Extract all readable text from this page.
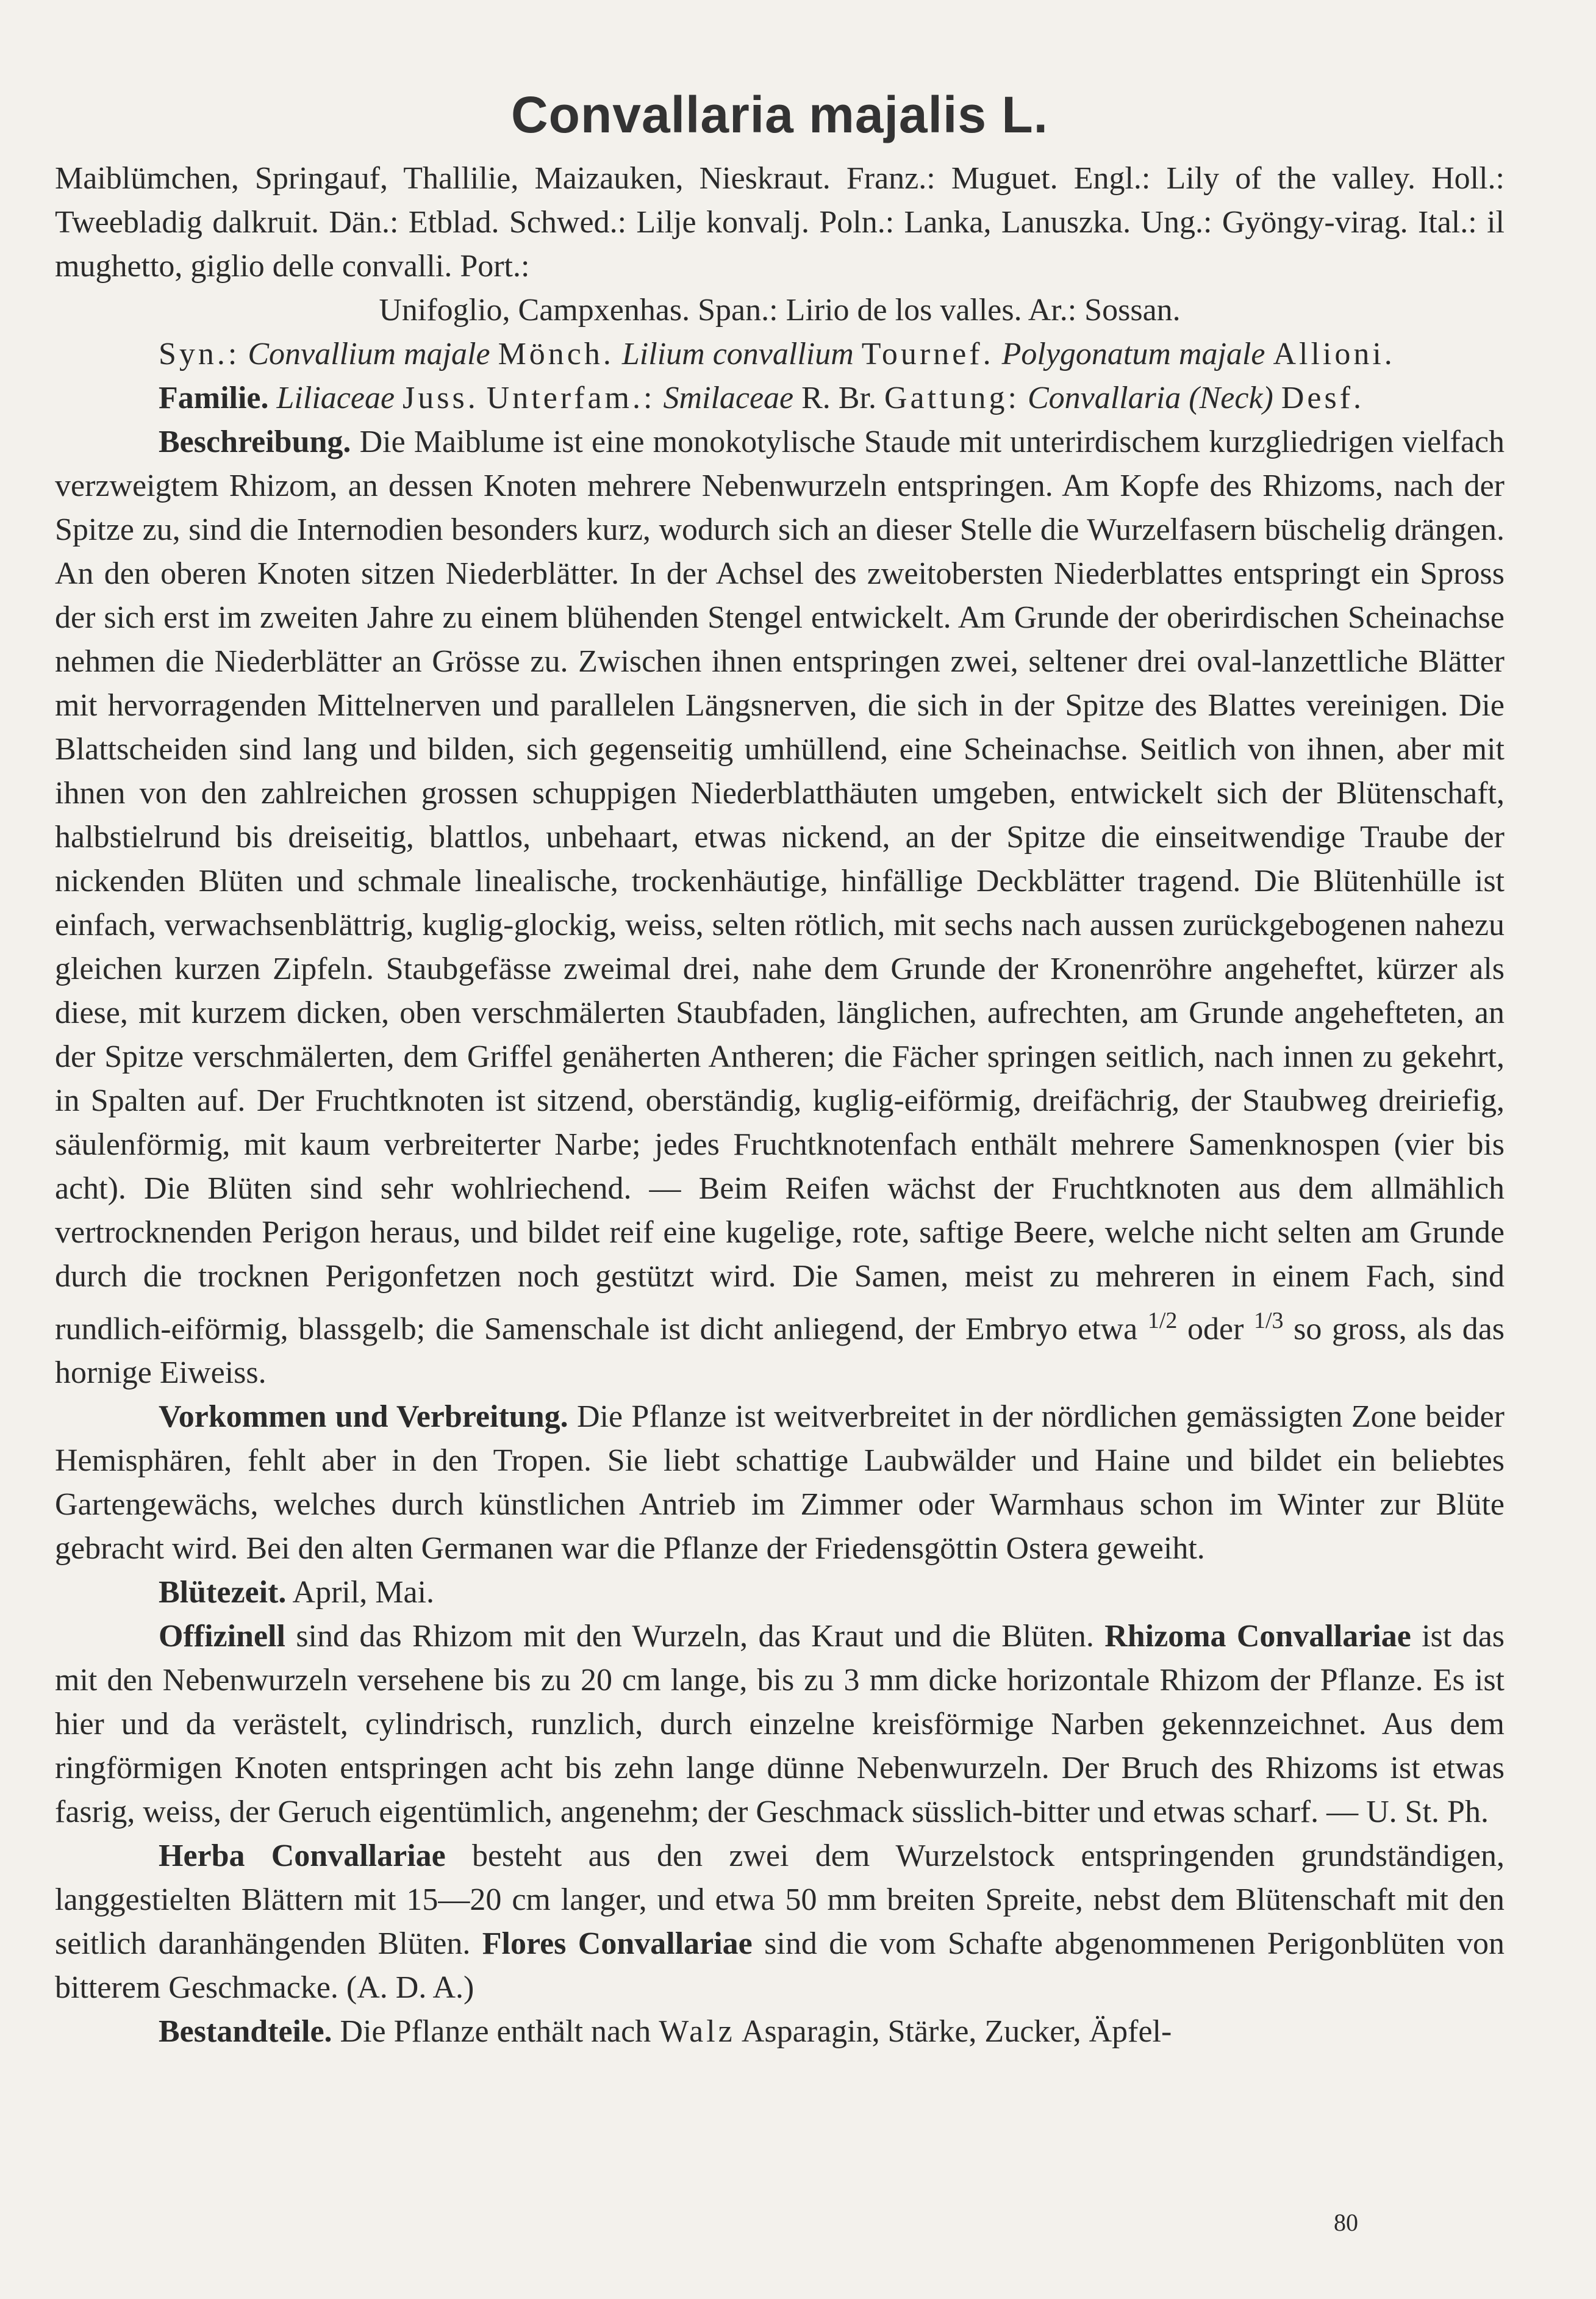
Convallaria majalis L.

Maiblümchen, Springauf, Thallilie, Maizauken, Nieskraut. Franz.: Muguet. Engl.: Lily of the valley. Holl.: Tweebladig dalkruit. Dän.: Etblad. Schwed.: Lilje konvalj. Poln.: Lanka, Lanuszka. Ung.: Gyöngy-virag. Ital.: il mughetto, giglio delle convalli. Port.:

Unifoglio, Campxenhas. Span.: Lirio de los valles. Ar.: Sossan.

Syn.: Convallium majale Mönch. Lilium convallium Tournef. Polygonatum majale Allioni.

Familie. Liliaceae Juss. Unterfam.: Smilaceae R. Br. Gattung: Convallaria (Neck) Desf.

Beschreibung. Die Maiblume ist eine monokotylische Staude mit unterirdischem kurzgliedrigen vielfach verzweigtem Rhizom, an dessen Knoten mehrere Nebenwurzeln entspringen. Am Kopfe des Rhizoms, nach der Spitze zu, sind die Internodien besonders kurz, wodurch sich an dieser Stelle die Wurzelfasern büschelig drängen. An den oberen Knoten sitzen Niederblätter. In der Achsel des zweitobersten Niederblattes entspringt ein Spross der sich erst im zweiten Jahre zu einem blühenden Stengel entwickelt. Am Grunde der oberirdischen Scheinachse nehmen die Niederblätter an Grösse zu. Zwischen ihnen entspringen zwei, seltener drei oval-lanzettliche Blätter mit hervorragenden Mittelnerven und parallelen Längsnerven, die sich in der Spitze des Blattes vereinigen. Die Blattscheiden sind lang und bilden, sich gegenseitig umhüllend, eine Scheinachse. Seitlich von ihnen, aber mit ihnen von den zahlreichen grossen schuppigen Niederblatthäuten umgeben, entwickelt sich der Blütenschaft, halbstielrund bis dreiseitig, blattlos, unbehaart, etwas nickend, an der Spitze die einseitwendige Traube der nickenden Blüten und schmale linealische, trockenhäutige, hinfällige Deckblätter tragend. Die Blütenhülle ist einfach, verwachsenblättrig, kuglig-glockig, weiss, selten rötlich, mit sechs nach aussen zurückgebogenen nahezu gleichen kurzen Zipfeln. Staubgefässe zweimal drei, nahe dem Grunde der Kronenröhre angeheftet, kürzer als diese, mit kurzem dicken, oben verschmälerten Staubfaden, länglichen, aufrechten, am Grunde angehefteten, an der Spitze verschmälerten, dem Griffel genäherten Antheren; die Fächer springen seitlich, nach innen zu gekehrt, in Spalten auf. Der Fruchtknoten ist sitzend, oberständig, kuglig-eiförmig, dreifächrig, der Staubweg dreiriefig, säulenförmig, mit kaum verbreiterter Narbe; jedes Fruchtknotenfach enthält mehrere Samenknospen (vier bis acht). Die Blüten sind sehr wohlriechend. — Beim Reifen wächst der Fruchtknoten aus dem allmählich vertrocknenden Perigon heraus, und bildet reif eine kugelige, rote, saftige Beere, welche nicht selten am Grunde durch die trocknen Perigonfetzen noch gestützt wird. Die Samen, meist zu mehreren in einem Fach, sind rundlich-eiförmig, blassgelb; die Samenschale ist dicht anliegend, der Embryo etwa $^{1/2}$ oder $^{1/3}$ so gross, als das hornige Eiweiss.

Vorkommen und Verbreitung. Die Pflanze ist weitverbreitet in der nördlichen gemässigten Zone beider Hemisphären, fehlt aber in den Tropen. Sie liebt schattige Laubwälder und Haine und bildet ein beliebtes Gartengewächs, welches durch künstlichen Antrieb im Zimmer oder Warmhaus schon im Winter zur Blüte gebracht wird. Bei den alten Germanen war die Pflanze der Friedensgöttin Ostera geweiht.

Blütezeit. April, Mai.

Offizinell sind das Rhizom mit den Wurzeln, das Kraut und die Blüten. Rhizoma Convallariae ist das mit den Nebenwurzeln versehene bis zu 20 cm lange, bis zu 3 mm dicke horizontale Rhizom der Pflanze. Es ist hier und da verästelt, cylindrisch, runzlich, durch einzelne kreisförmige Narben gekennzeichnet. Aus dem ringförmigen Knoten entspringen acht bis zehn lange dünne Nebenwurzeln. Der Bruch des Rhizoms ist etwas fasrig, weiss, der Geruch eigentümlich, angenehm; der Geschmack süsslich-bitter und etwas scharf. — U. St. Ph.

Herba Convallariae besteht aus den zwei dem Wurzelstock entspringenden grundständigen, langgestielten Blättern mit 15—20 cm langer, und etwa 50 mm breiten Spreite, nebst dem Blütenschaft mit den seitlich daranhängenden Blüten. Flores Convallariae sind die vom Schafte abgenommenen Perigonblüten von bitterem Geschmacke. (A. D. A.)

Bestandteile. Die Pflanze enthält nach Walz Asparagin, Stärke, Zucker, Äpfel-

80
